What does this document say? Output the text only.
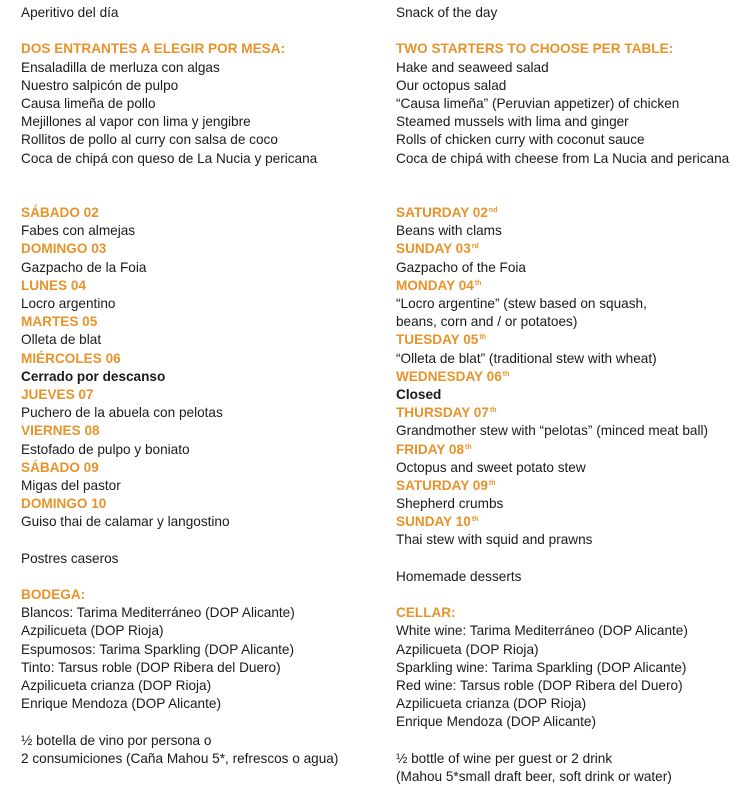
Aperitivo del día
DOS ENTRANTES A ELEGIR POR MESA:
Ensaladilla de merluza con algas
Nuestro salpicón de pulpo
Causa limeña de pollo
Mejillones al vapor con lima y jengibre
Rollitos de pollo al curry con salsa de coco
Coca de chipá con queso de La Nucia y pericana
SÁBADO 02
Fabes con almejas
DOMINGO 03
Gazpacho de la Foia
LUNES 04
Locro argentino
MARTES 05
Olleta de blat
MIÉRCOLES 06
Cerrado por descanso
JUEVES 07
Puchero de la abuela con pelotas
VIERNES 08
Estofado de pulpo y boniato
SÁBADO 09
Migas del pastor
DOMINGO 10
Guiso thai de calamar y langostino
Postres caseros
BODEGA:
Blancos: Tarima Mediterráneo (DOP Alicante)
Azpilicueta (DOP Rioja)
Espumosos: Tarima Sparkling (DOP Alicante)
Tinto: Tarsus roble (DOP Ribera del Duero)
Azpilicueta crianza (DOP Rioja)
Enrique Mendoza (DOP Alicante)
½ botella de vino por persona o
2 consumiciones (Caña Mahou 5*, refrescos o agua)
Snack of the day
TWO STARTERS TO CHOOSE PER TABLE:
Hake and seaweed salad
Our octopus salad
“Causa limeña” (Peruvian appetizer) of chicken
Steamed mussels with lima and ginger
Rolls of chicken curry with coconut sauce
Coca de chipá with cheese from La Nucia and pericana
SATURDAY 02nd
Beans with clams
SUNDAY 03rd
Gazpacho of the Foia
MONDAY 04th
“Locro argentine” (stew based on squash,
beans, corn and / or potatoes)
TUESDAY 05th
“Olleta de blat” (traditional stew with wheat)
WEDNESDAY 06th
Closed
THURSDAY 07th
Grandmother stew with “pelotas” (minced meat ball)
FRIDAY 08th
Octopus and sweet potato stew
SATURDAY 09th
Shepherd crumbs
SUNDAY 10th
Thai stew with squid and prawns
Homemade desserts
CELLAR:
White wine: Tarima Mediterráneo (DOP Alicante)
Azpilicueta (DOP Rioja)
Sparkling wine: Tarima Sparkling (DOP Alicante)
Red wine: Tarsus roble (DOP Ribera del Duero)
Azpilicueta crianza (DOP Rioja)
Enrique Mendoza (DOP Alicante)
½ bottle of wine per guest or 2 drink
(Mahou 5*small draft beer, soft drink or water)
